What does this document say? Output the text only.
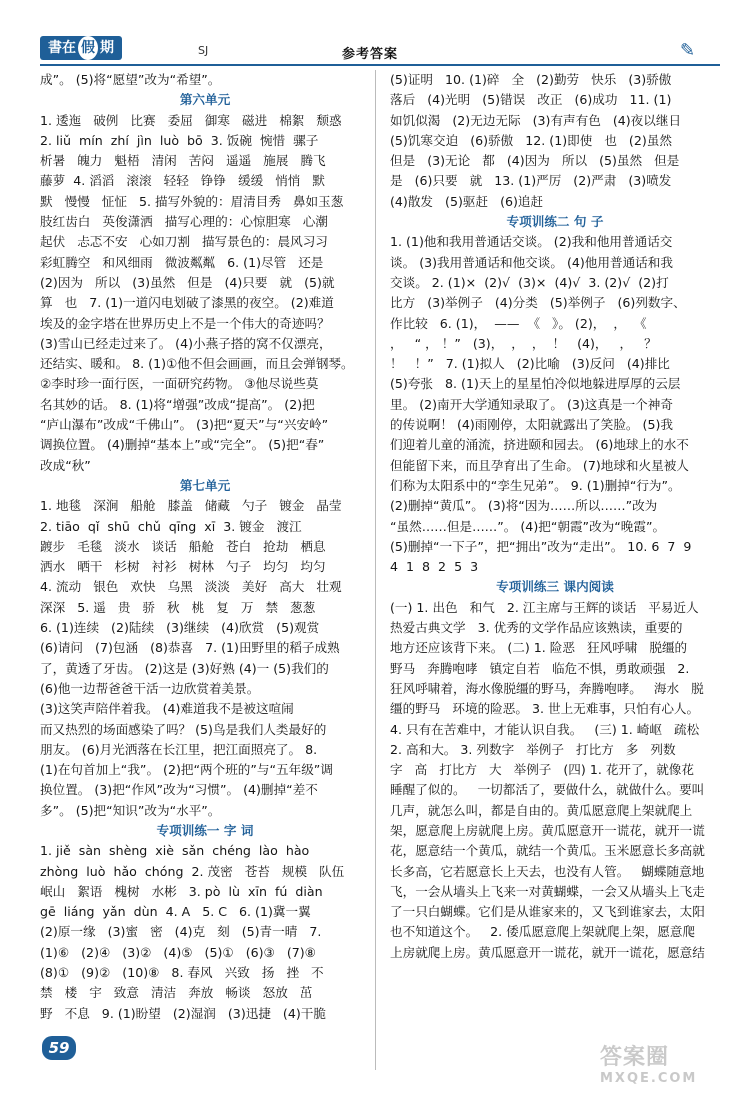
書在 假 期	SJ	参考答案	✎
成”。 (5)将“愿望”改为“希望”。
第六单元
1. 逶迤   破例   比赛   委屈   御寒   磁进   棉絮   颓惑
2. liǔ  mín  zhí  jìn  luò  bō  3. 饭碗  惋惜  骡子
析暑   魄力   魁梧   清闲   苦闷   遥遥   施展   腾飞
藤萝  4. 滔滔   滚滚   轻轻   铮铮   缓缓   悄悄   默
默   慢慢   怔怔   5. 描写外貌的：眉清目秀   鼻如玉葱
肢红齿白   英俊潇洒   描写心理的：心惊胆寒   心潮
起伏   忐忑不安   心如刀割   描写景色的：晨风习习
彩虹腾空   和风细雨   微波粼粼   6. (1)尽管   还是
(2)因为   所以   (3)虽然   但是   (4)只要   就   (5)就
算   也   7. (1)一道闪电划破了漆黑的夜空。 (2)难道
埃及的金字塔在世界历史上不是一个伟大的奇迹吗？
(3)雪山已经走过来了。 (4)小燕子搭的窝不仅漂亮，
还结实、暖和。 8. (1)①他不但会画画，而且会弹钢琴。
②李时珍一面行医，一面研究药物。 ③他尽说些莫
名其妙的话。 8. (1)将“增强”改成“提高”。 (2)把
“庐山瀑布”改成“千佛山”。 (3)把“夏天”与“兴安岭”
调换位置。 (4)删掉“基本上”或“完全”。 (5)把“春”
改成“秋”
第七单元
1. 地毯   深涧   船舱   膝盖   储藏   勺子   镀金   晶莹
2. tiāo  qǐ  shū  chǔ  qīng  xī  3. 镀金   渡江
踱步   毛毯   淡水   谈话   船舱   苍白   抢劫   栖息
洒水   晒干   杉树   衬衫   树林   勺子   均匀   均匀
4. 流动   银色   欢快   乌黑   淡淡   美好   高大   壮观
深深   5. 遥   贵   骄   秋   桃   复   万   禁   葱葱
6. (1)连续   (2)陆续   (3)继续   (4)欣赏   (5)观赏
(6)请问   (7)包涵   (8)恭喜   7. (1)田野里的稻子成熟
了，黄透了牙齿。 (2)这是 (3)好熟 (4)一 (5)我们的
(6)他一边帮爸爸干活一边欣赏着美景。
(3)这笑声陪伴着我。 (4)难道我不是被这喧闹
而又热烈的场面感染了吗？ (5)鸟是我们人类最好的
朋友。 (6)月光洒落在长江里，把江面照亮了。 8.
(1)在句首加上“我”。 (2)把“两个班的”与“五年级”调
换位置。 (3)把“作风”改为“习惯”。 (4)删掉“差不
多”。 (5)把“知识”改为“水平”。
专项训练一 字 词
1. jiě  sàn  shèng  xiè  sǎn  chéng  lào  hào
zhòng  luò  hǎo  chóng  2. 茂密   苍苔   规模   队伍
岷山   絮语   槐树   水彬   3. pò  lù  xīn  fú  diàn
gē  liáng  yǎn  dùn  4. A   5. C   6. (1)冀一翼
(2)原一缘   (3)蜜   密   (4)克   刻   (5)青一晴   7.
(1)⑥   (2)④   (3)②   (4)⑤   (5)①   (6)③   (7)⑧
(8)①   (9)②   (10)⑧   8. 春风   兴致   扬   挫   不
禁   楼   宇   致意   清洁   奔放   畅谈   怒放   茁
野   不息   9. (1)盼望   (2)湿润   (3)迅捷   (4)干脆
(5)证明   10. (1)碎   全   (2)勤劳   快乐   (3)骄傲
落后   (4)光明   (5)错误   改正   (6)成功   11. (1)
如饥似渴   (2)无边无际   (3)有声有色   (4)夜以继日
(5)饥寒交迫   (6)骄傲   12. (1)即使   也   (2)虽然
但是   (3)无论   都   (4)因为   所以   (5)虽然   但是
是   (6)只要   就   13. (1)严厉   (2)严肃   (3)喷发
(4)散发   (5)驱赶   (6)追赶
专项训练二 句 子
1. (1)他和我用普通话交谈。 (2)我和他用普通话交
谈。 (3)我用普通话和他交谈。 (4)他用普通话和我
交谈。 2. (1)×  (2)√  (3)×  (4)√  3. (2)√  (2)打
比方   (3)举例子   (4)分类   (5)举例子   (6)列数字、
作比较   6. (1)，  ——  《   》。 (2)，  ，  《
，   “ ， ！”   (3)，  ，  ，  ！   (4)，   ，   ？
！   ！”   7. (1)拟人   (2)比喻   (3)反问   (4)排比
(5)夸张   8. (1)天上的星星怕冷似地躲进厚厚的云层
里。 (2)南开大学通知录取了。 (3)这真是一个神奇
的传说啊！ (4)雨刚停，太阳就露出了笑脸。 (5)我
们迎着儿童的涌流，挤进颐和园去。 (6)地球上的水不
但能留下来，而且孕育出了生命。 (7)地球和火星被人
们称为太阳系中的“孪生兄弟”。 9. (1)删掉“行为”。
(2)删掉“黄瓜”。 (3)将“因为……所以……”改为
“虽然……但是……”。 (4)把“朝霞”改为“晚霞”。
(5)删掉“一下子”，把“拥出”改为“走出”。 10. 6  7  9
4  1  8  2  5  3
专项训练三 课内阅读
(一) 1. 出色   和气   2. 江主席与王辉的谈话   平易近人
热爱古典文学   3. 优秀的文学作品应该熟读，重要的
地方还应该背下来。 (二) 1. 险恶   狂风呼啸   脱缰的
野马   奔腾咆哮   镇定自若   临危不惧，勇敢顽强   2.
狂风呼啸着，海水像脱缰的野马，奔腾咆哮。   海水   脱
缰的野马   环境的险恶。 3. 世上无难事，只怕有心人。
4. 只有在苦难中，才能认识自我。   (三) 1. 崎岖   疏松
2. 高和大。 3. 列数字   举例子   打比方   多   列数
字   高   打比方   大   举例子   (四) 1. 花开了，就像花
睡醒了似的。   一切都活了，要做什么，就做什么。要叫
几声，就怎么叫，都是自由的。黄瓜愿意爬上架就爬上
架，愿意爬上房就爬上房。黄瓜愿意开一谎花，就开一谎
花，愿意结一个黄瓜，就结一个黄瓜。玉米愿意长多高就
长多高，它若愿意长上天去，也没有人管。   蝴蝶随意地
飞，一会从墙头上飞来一对黄蝴蝶，一会又从墙头上飞走
了一只白蝴蝶。它们是从谁家来的，又飞到谁家去，太阳
也不知道这个。   2. 倭瓜愿意爬上架就爬上架，愿意爬
上房就爬上房。黄瓜愿意开一谎花，就开一谎花，愿意结
59	答案圈
MXQE.COM
